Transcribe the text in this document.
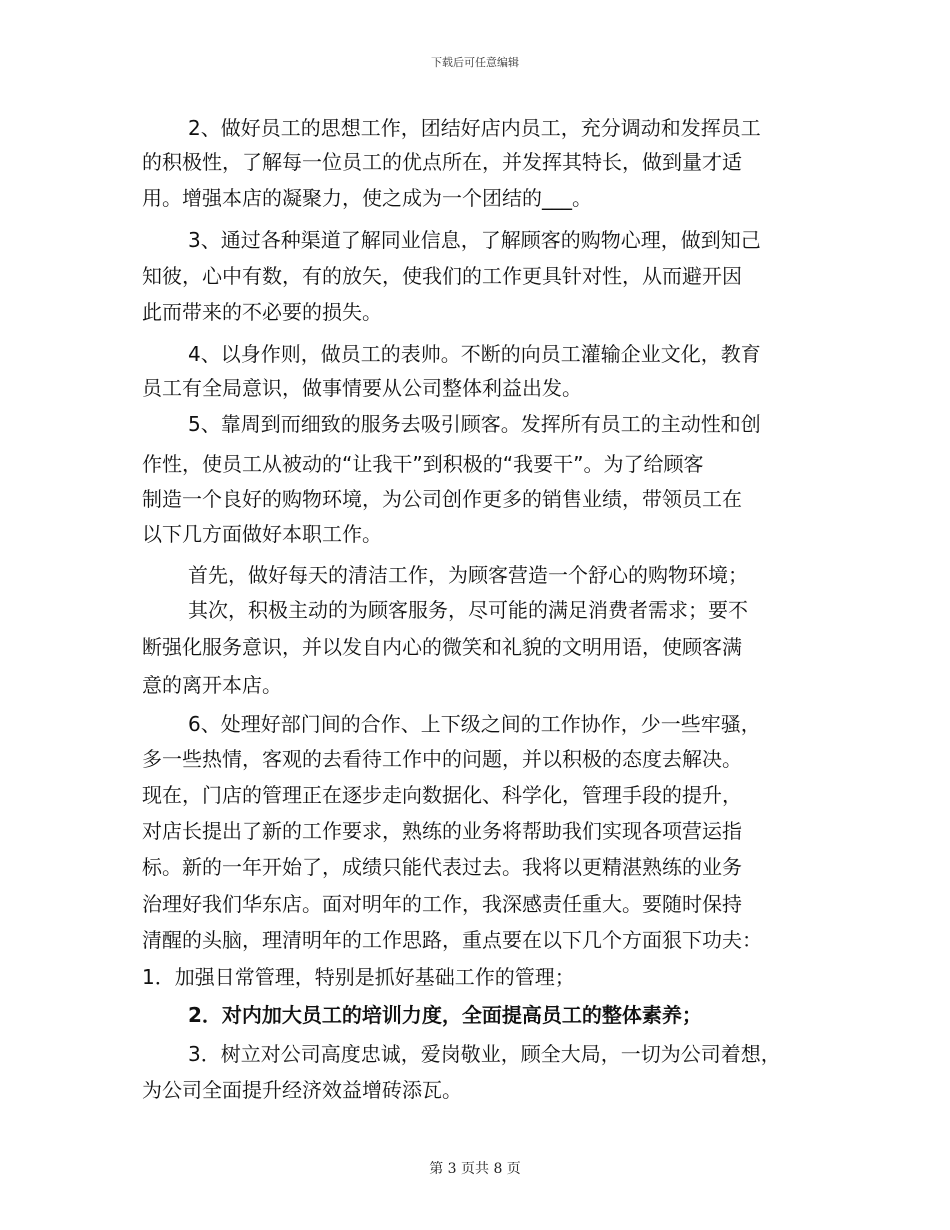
下载后可任意编辑
2、做好员工的思想工作，团结好店内员工，充分调动和发挥员工
的积极性，了解每一位员工的优点所在，并发挥其特长，做到量才适
用。增强本店的凝聚力，使之成为一个团结的___。
3、通过各种渠道了解同业信息，了解顾客的购物心理，做到知己
知彼，心中有数，有的放矢，使我们的工作更具针对性，从而避开因
此而带来的不必要的损失。
4、以身作则，做员工的表帅。不断的向员工灌输企业文化，教育
员工有全局意识，做事情要从公司整体利益出发。
5、靠周到而细致的服务去吸引顾客。发挥所有员工的主动性和创
作性，使员工从被动的“让我干”到积极的“我要干”。为了给顾客
制造一个良好的购物环境，为公司创作更多的销售业绩，带领员工在
以下几方面做好本职工作。
首先，做好每天的清洁工作，为顾客营造一个舒心的购物环境；
其次，积极主动的为顾客服务，尽可能的满足消费者需求；要不
断强化服务意识，并以发自内心的微笑和礼貌的文明用语，使顾客满
意的离开本店。
6、处理好部门间的合作、上下级之间的工作协作，少一些牢骚，
多一些热情，客观的去看待工作中的问题，并以积极的态度去解决。
现在，门店的管理正在逐步走向数据化、科学化，管理手段的提升，
对店长提出了新的工作要求，熟练的业务将帮助我们实现各项营运指
标。新的一年开始了，成绩只能代表过去。我将以更精湛熟练的业务
治理好我们华东店。面对明年的工作，我深感责任重大。要随时保持
清醒的头脑，理清明年的工作思路，重点要在以下几个方面狠下功夫：
1．加强日常管理，特别是抓好基础工作的管理；
2．对内加大员工的培训力度，全面提高员工的整体素养；
3．树立对公司高度忠诚，爱岗敬业，顾全大局，一切为公司着想，
为公司全面提升经济效益增砖添瓦。
第 3 页共 8 页
